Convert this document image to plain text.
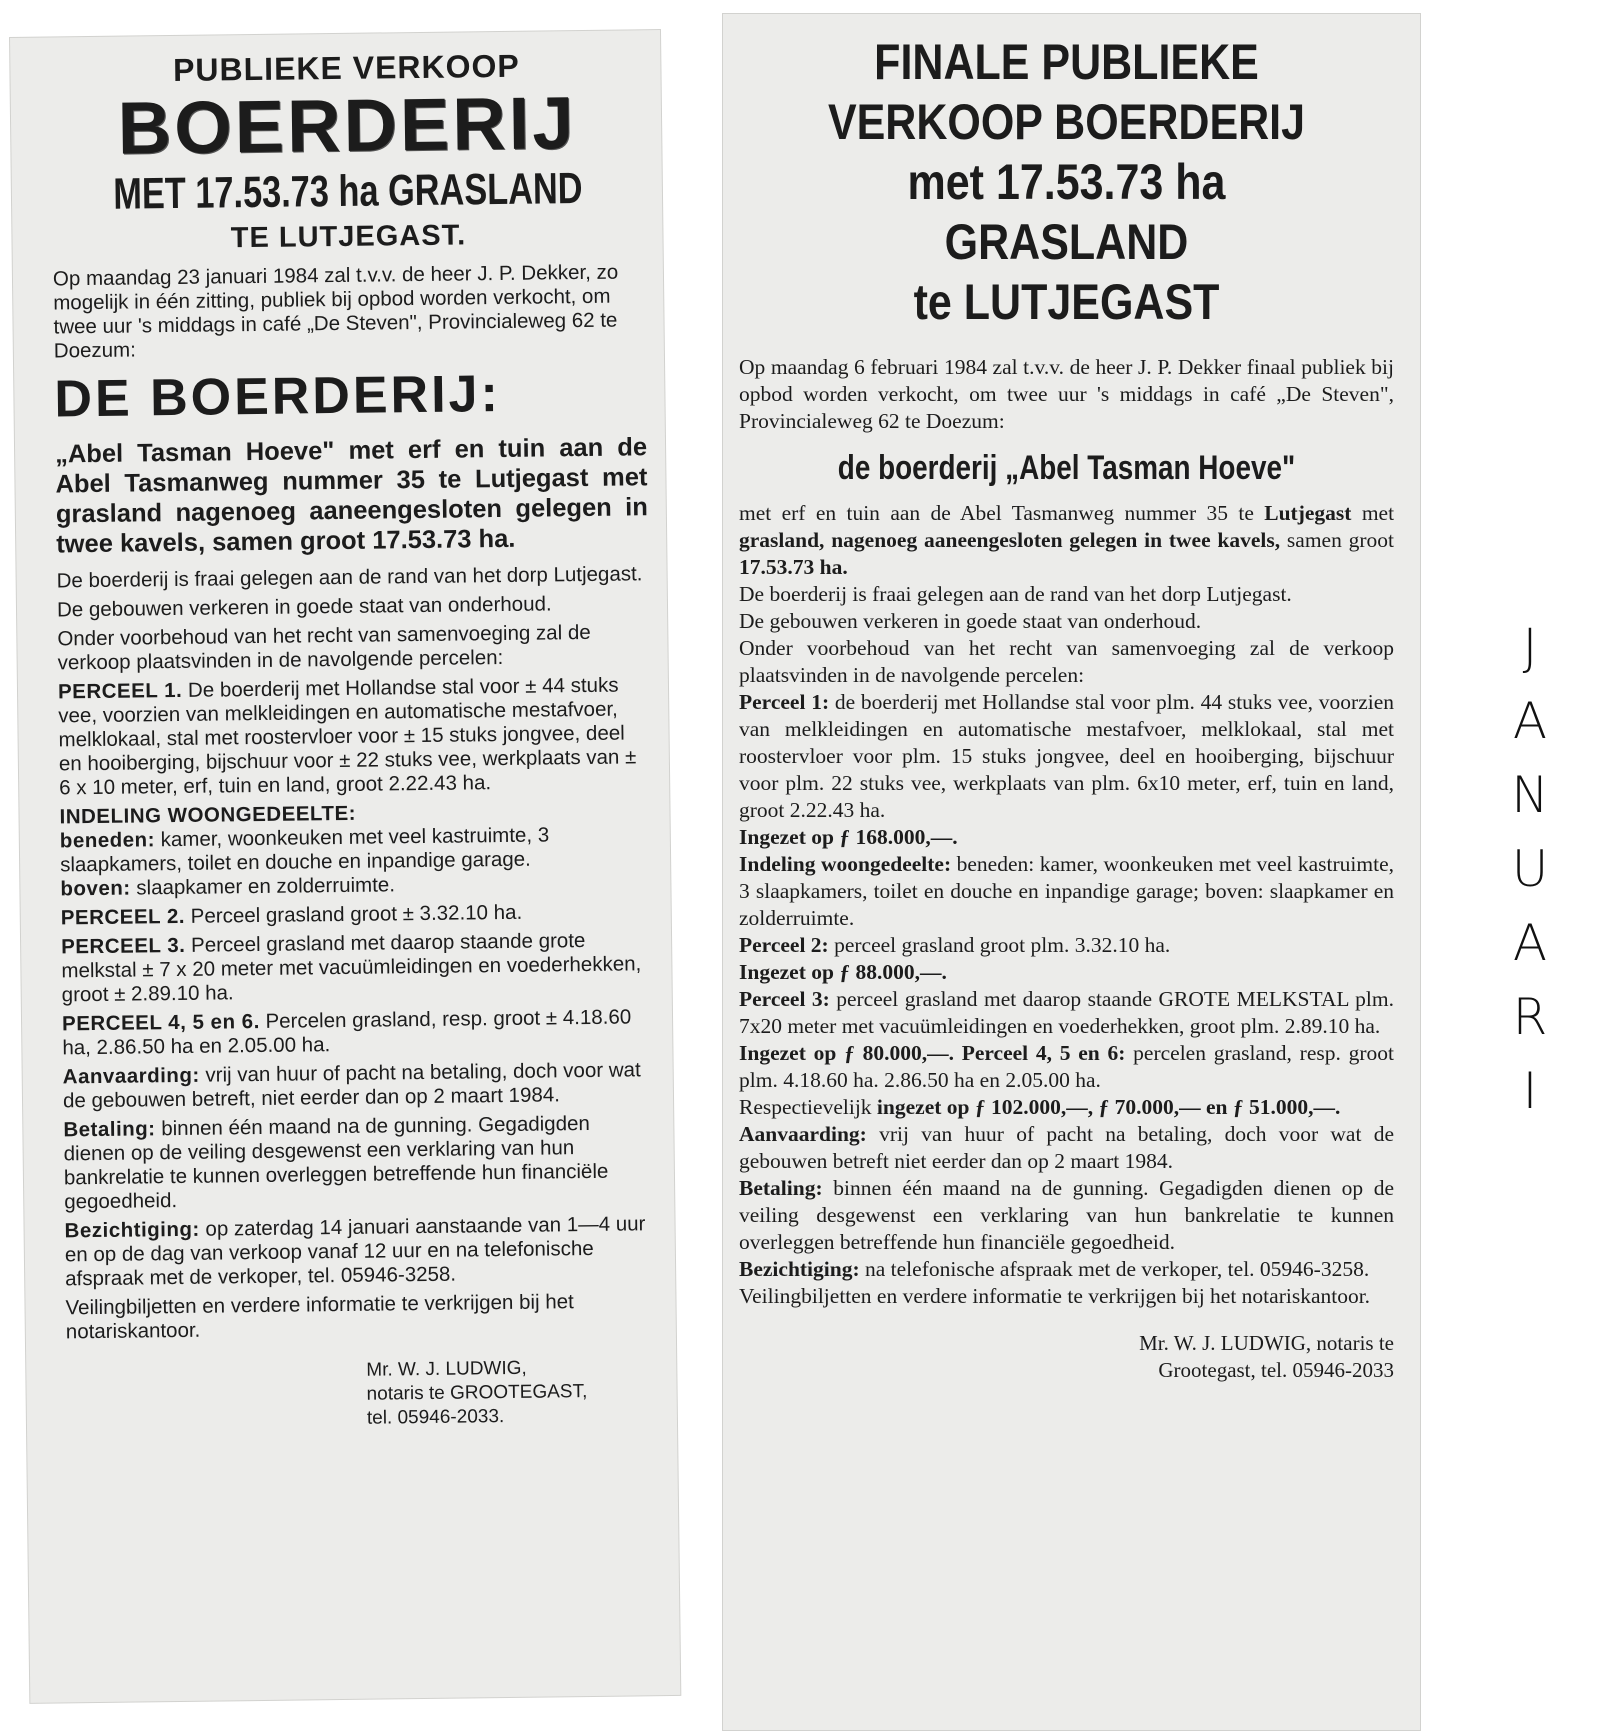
PUBLIEKE VERKOOP
BOERDERIJ
MET 17.53.73 ha GRASLAND
TE LUTJEGAST.

Op maandag 23 januari 1984 zal t.v.v. de heer J. P. Dekker, zo mogelijk in één zitting, publiek bij opbod worden verkocht, om twee uur 's middags in café „De Steven", Provincialeweg 62 te Doezum:

DE BOERDERIJ:

„Abel Tasman Hoeve" met erf en tuin aan de Abel Tasmanweg nummer 35 te Lutjegast met grasland nagenoeg aaneengesloten gelegen in twee kavels, samen groot 17.53.73 ha.

De boerderij is fraai gelegen aan de rand van het dorp Lutjegast.

De gebouwen verkeren in goede staat van onderhoud.

Onder voorbehoud van het recht van samenvoeging zal de verkoop plaatsvinden in de navolgende percelen:

PERCEEL 1. De boerderij met Hollandse stal voor ± 44 stuks vee, voorzien van melkleidingen en automatische mestafvoer, melklokaal, stal met roostervloer voor ± 15 stuks jongvee, deel en hooiberging, bijschuur voor ± 22 stuks vee, werkplaats van ± 6 x 10 meter, erf, tuin en land, groot 2.22.43 ha.

INDELING WOONGEDEELTE:
beneden: kamer, woonkeuken met veel kastruimte, 3 slaapkamers, toilet en douche en inpandige garage.
boven: slaapkamer en zolderruimte.

PERCEEL 2. Perceel grasland groot ± 3.32.10 ha.

PERCEEL 3. Perceel grasland met daarop staande grote melkstal ± 7 x 20 meter met vacuümleidingen en voederhekken, groot ± 2.89.10 ha.

PERCEEL 4, 5 en 6. Percelen grasland, resp. groot ± 4.18.60 ha, 2.86.50 ha en 2.05.00 ha.

Aanvaarding: vrij van huur of pacht na betaling, doch voor wat de gebouwen betreft, niet eerder dan op 2 maart 1984.

Betaling: binnen één maand na de gunning. Gegadigden dienen op de veiling desgewenst een verklaring van hun bankrelatie te kunnen overleggen betreffende hun financiële gegoedheid.

Bezichtiging: op zaterdag 14 januari aanstaande van 1—4 uur en op de dag van verkoop vanaf 12 uur en na telefonische afspraak met de verkoper, tel. 05946-3258.

Veilingbiljetten en verdere informatie te verkrijgen bij het notariskantoor.

Mr. W. J. LUDWIG,
notaris te GROOTEGAST,
tel. 05946-2033.
FINALE PUBLIEKE
VERKOOP BOERDERIJ
met 17.53.73 ha GRASLAND
te LUTJEGAST

Op maandag 6 februari 1984 zal t.v.v. de heer J. P. Dekker finaal publiek bij opbod worden verkocht, om twee uur 's middags in café „De Steven", Provincialeweg 62 te Doezum:

de boerderij „Abel Tasman Hoeve"

met erf en tuin aan de Abel Tasmanweg nummer 35 te Lutjegast met grasland, nagenoeg aaneengesloten gelegen in twee kavels, samen groot 17.53.73 ha.

De boerderij is fraai gelegen aan de rand van het dorp Lutjegast.

De gebouwen verkeren in goede staat van onderhoud.

Onder voorbehoud van het recht van samenvoeging zal de verkoop plaatsvinden in de navolgende percelen:

Perceel 1: de boerderij met Hollandse stal voor plm. 44 stuks vee, voorzien van melkleidingen en automatische mestafvoer, melklokaal, stal met roostervloer voor plm. 15 stuks jongvee, deel en hooiberging, bijschuur voor plm. 22 stuks vee, werkplaats van plm. 6x10 meter, erf, tuin en land, groot 2.22.43 ha.

Ingezet op ƒ 168.000,—.

Indeling woongedeelte: beneden: kamer, woonkeuken met veel kastruimte, 3 slaapkamers, toilet en douche en inpandige garage; boven: slaapkamer en zolderruimte.

Perceel 2: perceel grasland groot plm. 3.32.10 ha.

Ingezet op ƒ 88.000,—.

Perceel 3: perceel grasland met daarop staande GROTE MELKSTAL plm. 7x20 meter met vacuümleidingen en voederhekken, groot plm. 2.89.10 ha.

Ingezet op ƒ 80.000,—. Perceel 4, 5 en 6: percelen grasland, resp. groot plm. 4.18.60 ha. 2.86.50 ha en 2.05.00 ha.

Respectievelijk ingezet op ƒ 102.000,—, ƒ 70.000,— en ƒ 51.000,—.

Aanvaarding: vrij van huur of pacht na betaling, doch voor wat de gebouwen betreft niet eerder dan op 2 maart 1984.

Betaling: binnen één maand na de gunning. Gegadigden dienen op de veiling desgewenst een verklaring van hun bankrelatie te kunnen overleggen betreffende hun financiële gegoedheid.

Bezichtiging: na telefonische afspraak met de verkoper, tel. 05946-3258.

Veilingbiljetten en verdere informatie te verkrijgen bij het notariskantoor.

Mr. W. J. LUDWIG, notaris te
Grootegast, tel. 05946-2033
J
A
N
U
A
R
I
